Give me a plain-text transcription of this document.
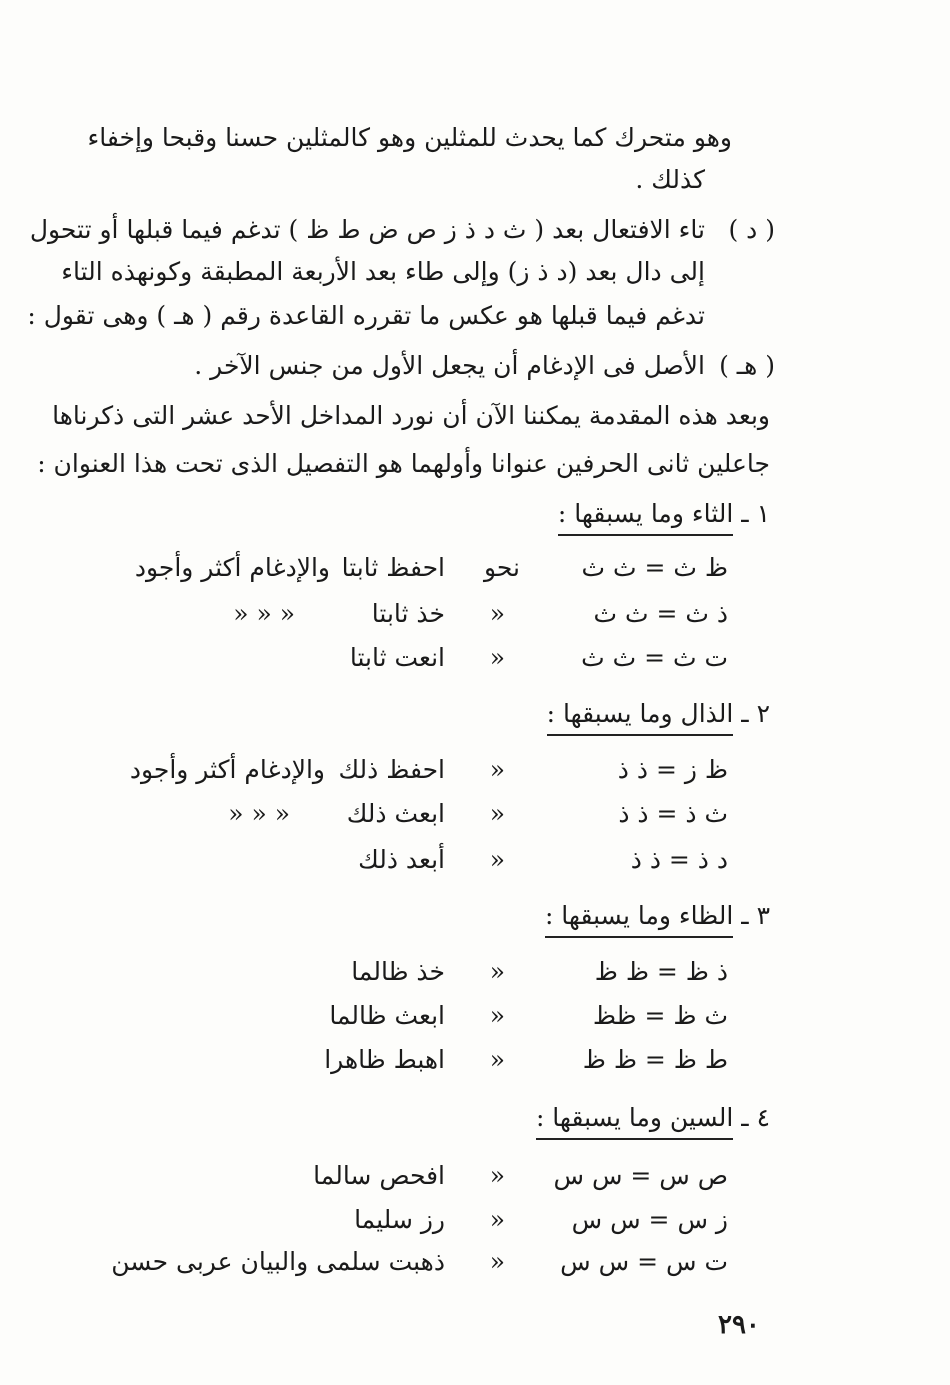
وهو متحرك كما يحدث للمثلين وهو كالمثلين حسنا وقبحا وإخفاء
كذلك .
( د )
تاء الافتعال بعد ( ث د ذ ز ص ض ط ظ ) تدغم فيما قبلها أو تتحول
إلى دال بعد (د ذ ز) وإلى طاء بعد الأربعة المطبقة وكونهذه التاء
تدغم فيما قبلها هو عكس ما تقرره القاعدة رقم ( هـ ) وهى تقول :
( هـ )
الأصل فى الإدغام أن يجعل الأول من جنس الآخر .
وبعد هذه المقدمة يمكننا الآن أن نورد المداخل الأحد عشر التى ذكرناها
جاعلين ثانى الحرفين عنوانا وأولهما هو التفصيل الذى تحت هذا العنوان :
١ ـ الثاء وما يسبقها :
ظ ث = ث ث
نحو
احفظ ثابتا
والإدغام أكثر وأجود
ذ ث = ث ث
«
خذ ثابتا
« « «
ت ث = ث ث
«
انعت ثابتا
٢ ـ الذال وما يسبقها :
ظ ز = ذ ذ
«
احفظ ذلك
والإدغام أكثر وأجود
ث ذ = ذ ذ
«
ابعث ذلك
« « «
د ذ = ذ ذ
«
أبعد ذلك
٣ ـ الظاء وما يسبقها :
ذ ظ = ظ ظ
«
خذ ظالما
ث ظ = ظظ
«
ابعث ظالما
ط ظ = ظ ظ
«
اهبط ظاهرا
٤ ـ السين وما يسبقها :
ص س = س س
«
افحص سالما
ز س = س س
«
رز سليما
ت س = س س
«
ذهبت سلمى والبيان عربى حسن
٢٩٠
